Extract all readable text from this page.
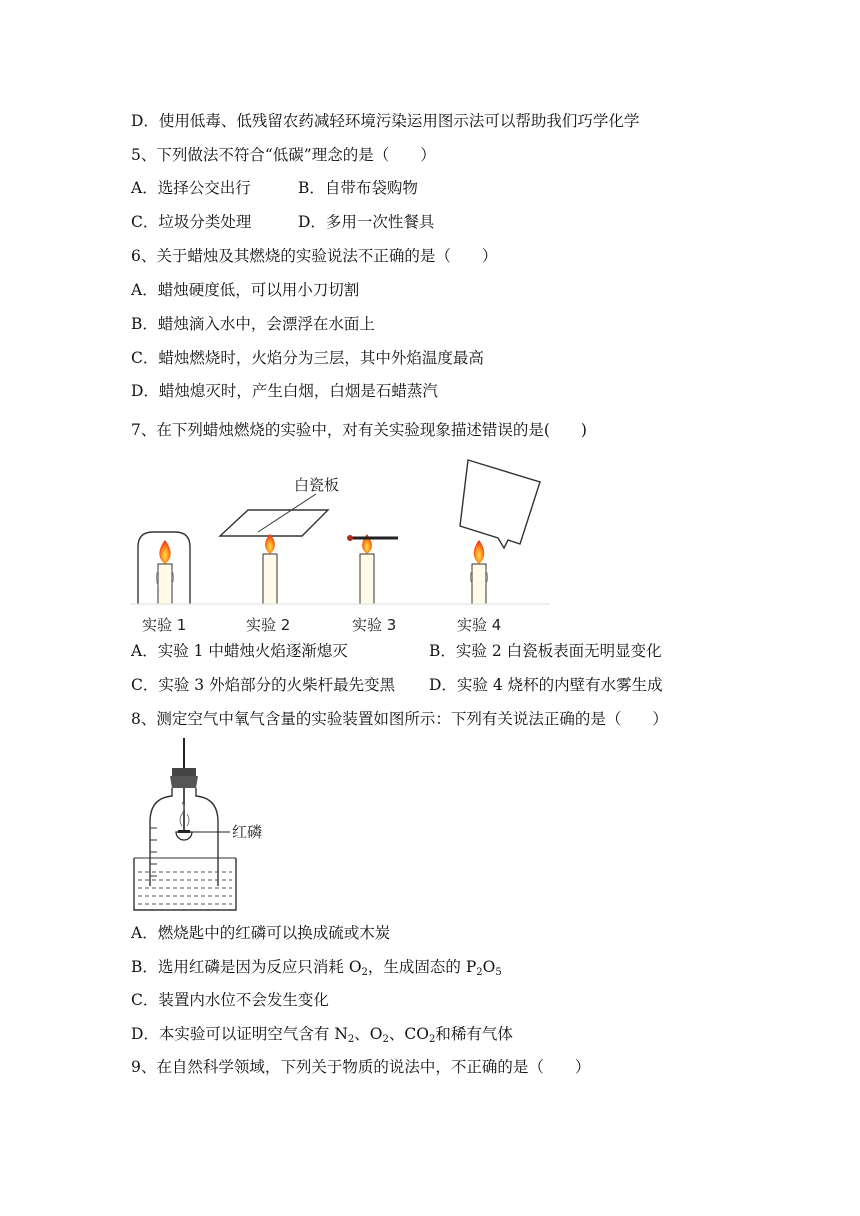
D．使用低毒、低残留农药减轻环境污染运用图示法可以帮助我们巧学化学
5、下列做法不符合“低碳”理念的是（　　）
A．选择公交出行	B．自带布袋购物
C．垃圾分类处理	D．多用一次性餐具
6、关于蜡烛及其燃烧的实验说法不正确的是（　　）
A．蜡烛硬度低，可以用小刀切割
B．蜡烛滴入水中，会漂浮在水面上
C．蜡烛燃烧时，火焰分为三层，其中外焰温度最高
D．蜡烛熄灭时，产生白烟，白烟是石蜡蒸汽
7、在下列蜡烛燃烧的实验中，对有关实验现象描述错误的是(　　)
白瓷板
实验 1	实验 2	实验 3	实验 4
A．实验 1 中蜡烛火焰逐渐熄灭	B．实验 2 白瓷板表面无明显变化
C．实验 3 外焰部分的火柴杆最先变黑 D．实验 4 烧杯的内壁有水雾生成
8、测定空气中氧气含量的实验装置如图所示：下列有关说法正确的是（　　）
红磷
A．燃烧匙中的红磷可以换成硫或木炭
B．选用红磷是因为反应只消耗 $O_2$，生成固态的 $P_2O_5$
C．装置内水位不会发生变化
D．本实验可以证明空气含有 $N_2$、$O_2$、$CO_2$和稀有气体
9、在自然科学领域，下列关于物质的说法中，不正确的是（　　）
